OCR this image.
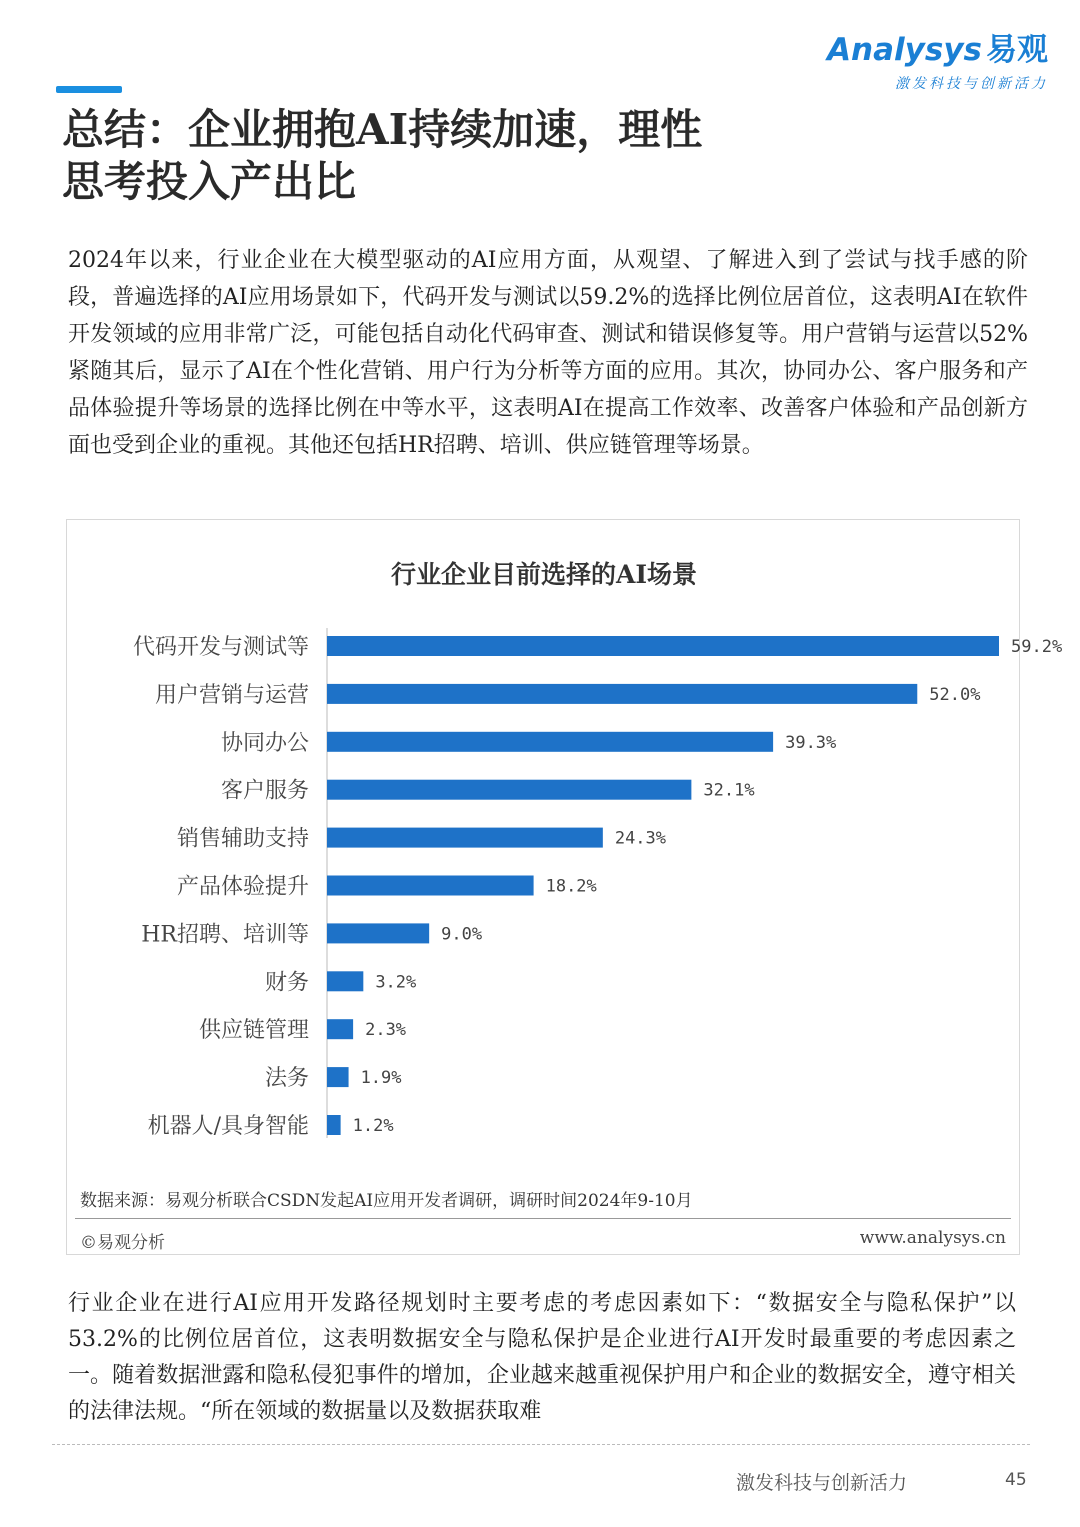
Analysys 易观
激发科技与创新活力
总结：企业拥抱AI持续加速，理性
思考投入产出比

2024年以来，行业企业在大模型驱动的AI应用方面，从观望、了解进入到了尝试与找手感的阶段，普遍选择的AI应用场景如下，代码开发与测试以59.2%的选择比例位居首位，这表明AI在软件开发领域的应用非常广泛，可能包括自动化代码审查、测试和错误修复等。用户营销与运营以52%紧随其后，显示了AI在个性化营销、用户行为分析等方面的应用。其次，协同办公、客户服务和产品体验提升等场景的选择比例在中等水平，这表明AI在提高工作效率、改善客户体验和产品创新方面也受到企业的重视。其他还包括HR招聘、培训、供应链管理等场景。

行业企业目前选择的AI场景
代码开发与测试等	59.2%
用户营销与运营	52.0%
协同办公	39.3%
客户服务	32.1%
销售辅助支持	24.3%
产品体验提升	18.2%
HR招聘、培训等	9.0%
财务	3.2%
供应链管理	2.3%
法务	1.9%
机器人/具身智能	1.2%
数据来源：易观分析联合CSDN发起AI应用开发者调研，调研时间2024年9-10月
©易观分析	www.analysys.cn

行业企业在进行AI应用开发路径规划时主要考虑的考虑因素如下：“数据安全与隐私保护”以53.2%的比例位居首位，这表明数据安全与隐私保护是企业进行AI开发时最重要的考虑因素之一。随着数据泄露和隐私侵犯事件的增加，企业越来越重视保护用户和企业的数据安全，遵守相关的法律法规。“所在领域的数据量以及数据获取难

激发科技与创新活力	45
